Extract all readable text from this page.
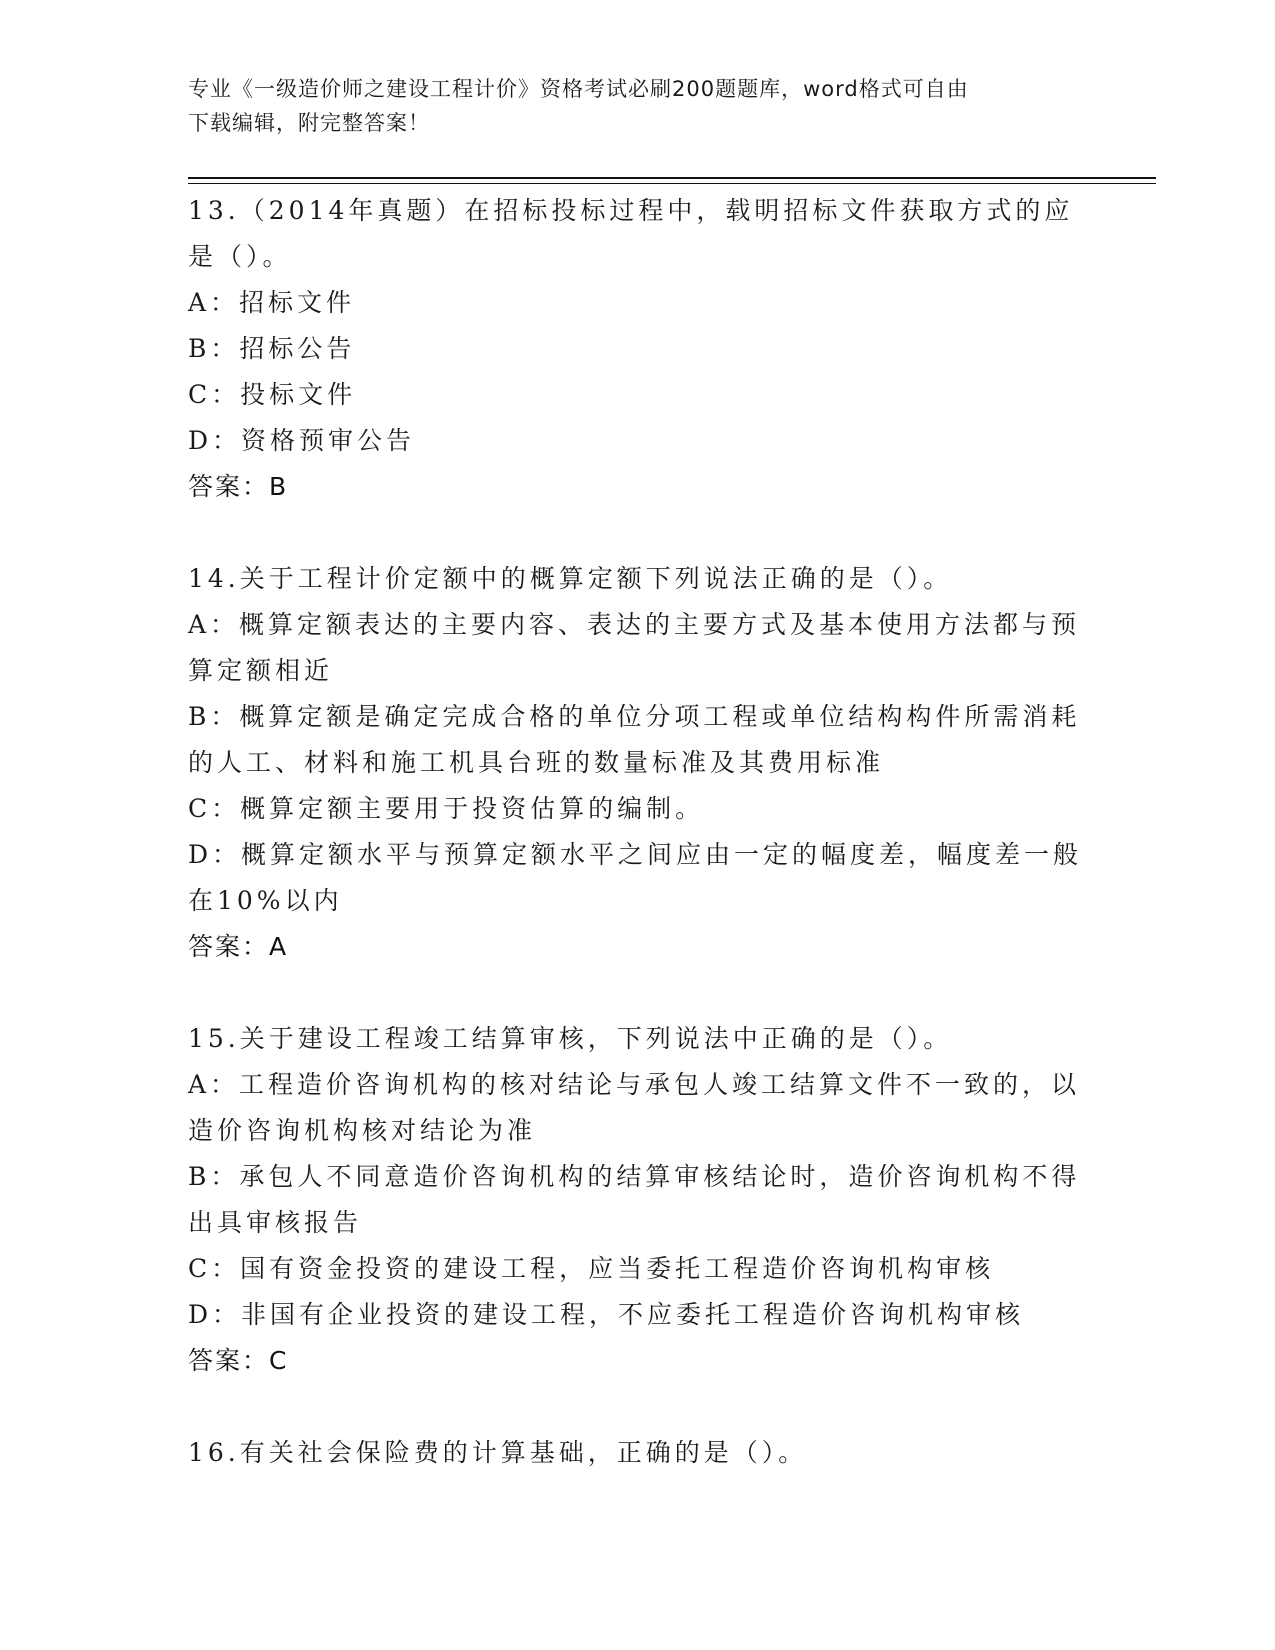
专业《一级造价师之建设工程计价》资格考试必刷200题题库，word格式可自由
下载编辑，附完整答案！

13.（2014年真题）在招标投标过程中，载明招标文件获取方式的应是（）。

A：招标文件

B：招标公告

C：投标文件

D：资格预审公告

答案：B

14.关于工程计价定额中的概算定额下列说法正确的是（）。

A：概算定额表达的主要内容、表达的主要方式及基本使用方法都与预算定额相近

B：概算定额是确定完成合格的单位分项工程或单位结构构件所需消耗的人工、材料和施工机具台班的数量标准及其费用标准

C：概算定额主要用于投资估算的编制。

D：概算定额水平与预算定额水平之间应由一定的幅度差，幅度差一般在10%以内

答案：A

15.关于建设工程竣工结算审核，下列说法中正确的是（）。

A：工程造价咨询机构的核对结论与承包人竣工结算文件不一致的，以造价咨询机构核对结论为准

B：承包人不同意造价咨询机构的结算审核结论时，造价咨询机构不得出具审核报告

C：国有资金投资的建设工程，应当委托工程造价咨询机构审核

D：非国有企业投资的建设工程，不应委托工程造价咨询机构审核

答案：C

16.有关社会保险费的计算基础，正确的是（）。
